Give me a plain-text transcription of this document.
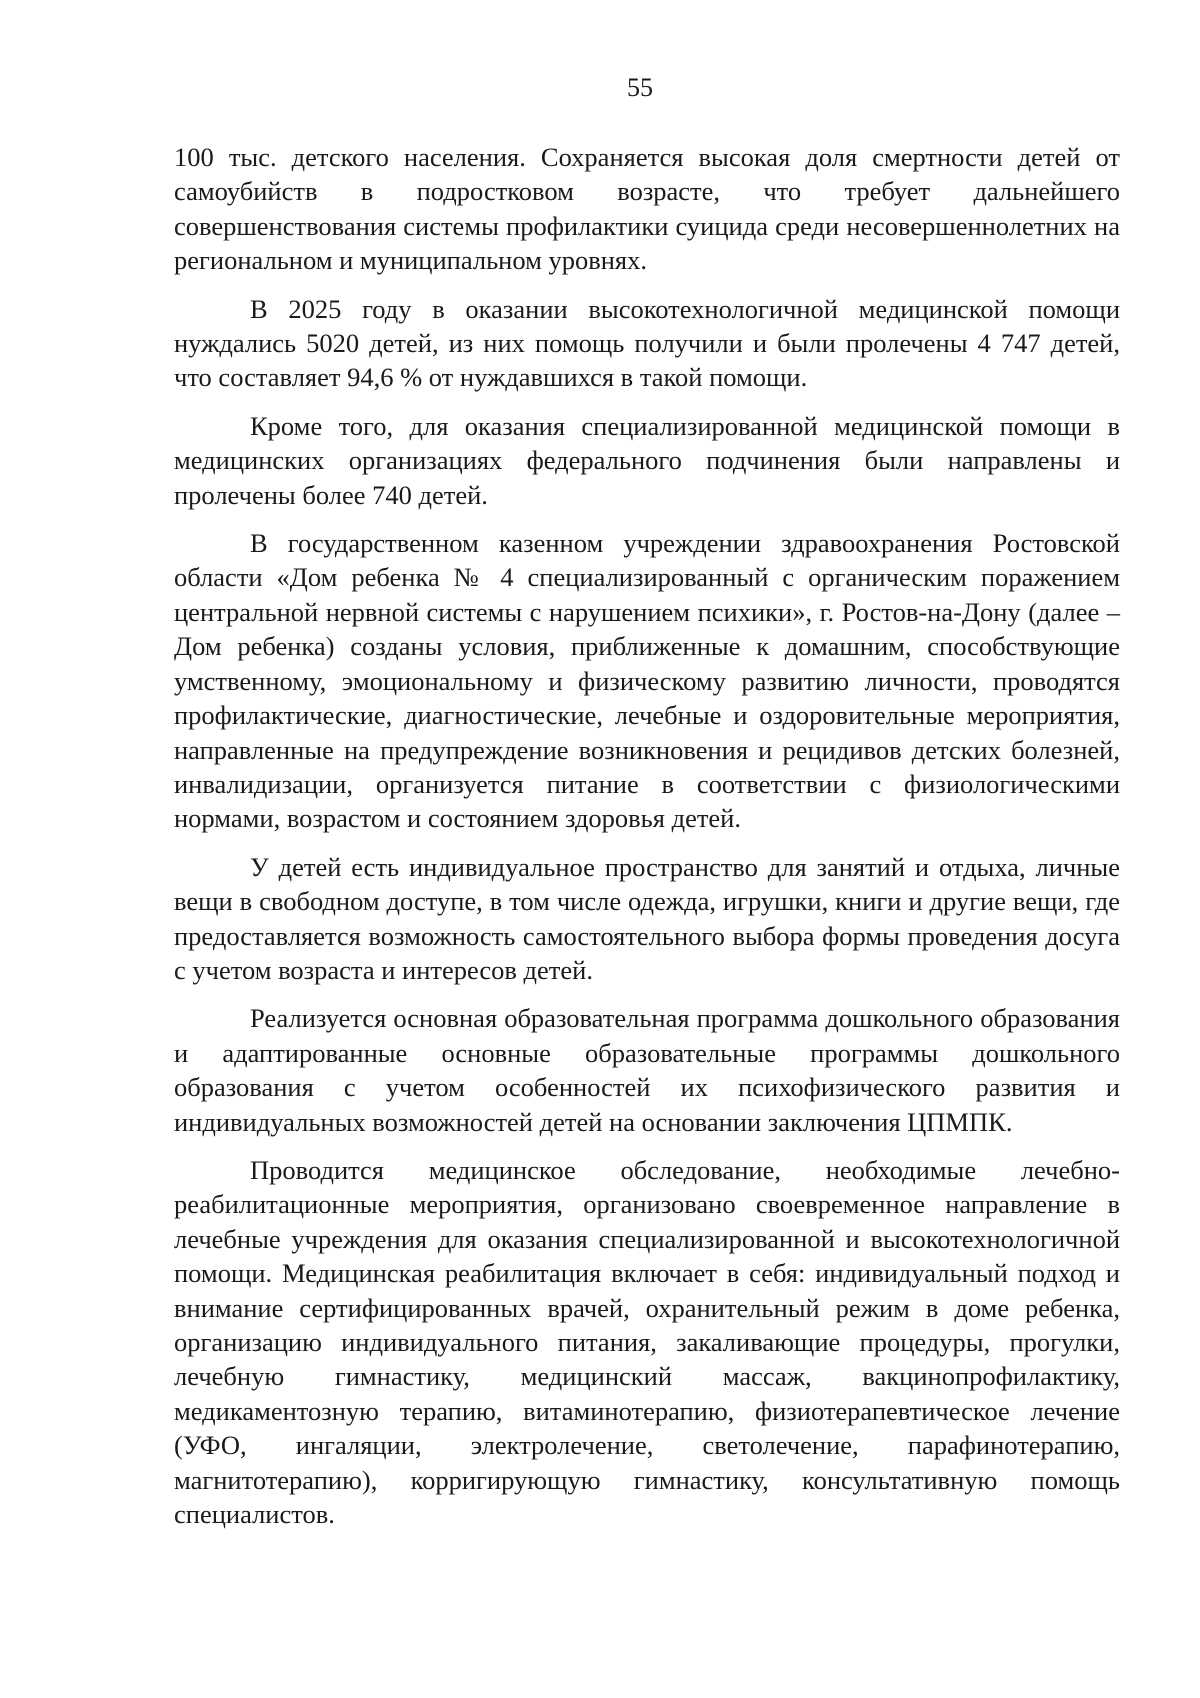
55

100 тыс. детского населения. Сохраняется высокая доля смертности детей от самоубийств в подростковом возрасте, что требует дальнейшего совершенствования системы профилактики суицида среди несовершеннолетних на региональном и муниципальном уровнях.

В 2025 году в оказании высокотехнологичной медицинской помощи нуждались 5020 детей, из них помощь получили и были пролечены 4 747 детей, что составляет 94,6 % от нуждавшихся в такой помощи.

Кроме того, для оказания специализированной медицинской помощи в медицинских организациях федерального подчинения были направлены и пролечены более 740 детей.

В государственном казенном учреждении здравоохранения Ростовской области «Дом ребенка № 4 специализированный с органическим поражением центральной нервной системы с нарушением психики», г. Ростов-на-Дону (далее – Дом ребенка) созданы условия, приближенные к домашним, способствующие умственному, эмоциональному и физическому развитию личности, проводятся профилактические, диагностические, лечебные и оздоровительные мероприятия, направленные на предупреждение возникновения и рецидивов детских болезней, инвалидизации, организуется питание в соответствии с физиологическими нормами, возрастом и состоянием здоровья детей.

У детей есть индивидуальное пространство для занятий и отдыха, личные вещи в свободном доступе, в том числе одежда, игрушки, книги и другие вещи, где предоставляется возможность самостоятельного выбора формы проведения досуга с учетом возраста и интересов детей.

Реализуется основная образовательная программа дошкольного образования и адаптированные основные образовательные программы дошкольного образования с учетом особенностей их психофизического развития и индивидуальных возможностей детей на основании заключения ЦПМПК.

Проводится медицинское обследование, необходимые лечебно-реабилитационные мероприятия, организовано своевременное направление в лечебные учреждения для оказания специализированной и высокотехнологичной помощи. Медицинская реабилитация включает в себя: индивидуальный подход и внимание сертифицированных врачей, охранительный режим в доме ребенка, организацию индивидуального питания, закаливающие процедуры, прогулки, лечебную гимнастику, медицинский массаж, вакцинопрофилактику, медикаментозную терапию, витаминотерапию, физиотерапевтическое лечение (УФО, ингаляции, электролечение, светолечение, парафинотерапию, магнитотерапию), корригирующую гимнастику, консультативную помощь специалистов.
